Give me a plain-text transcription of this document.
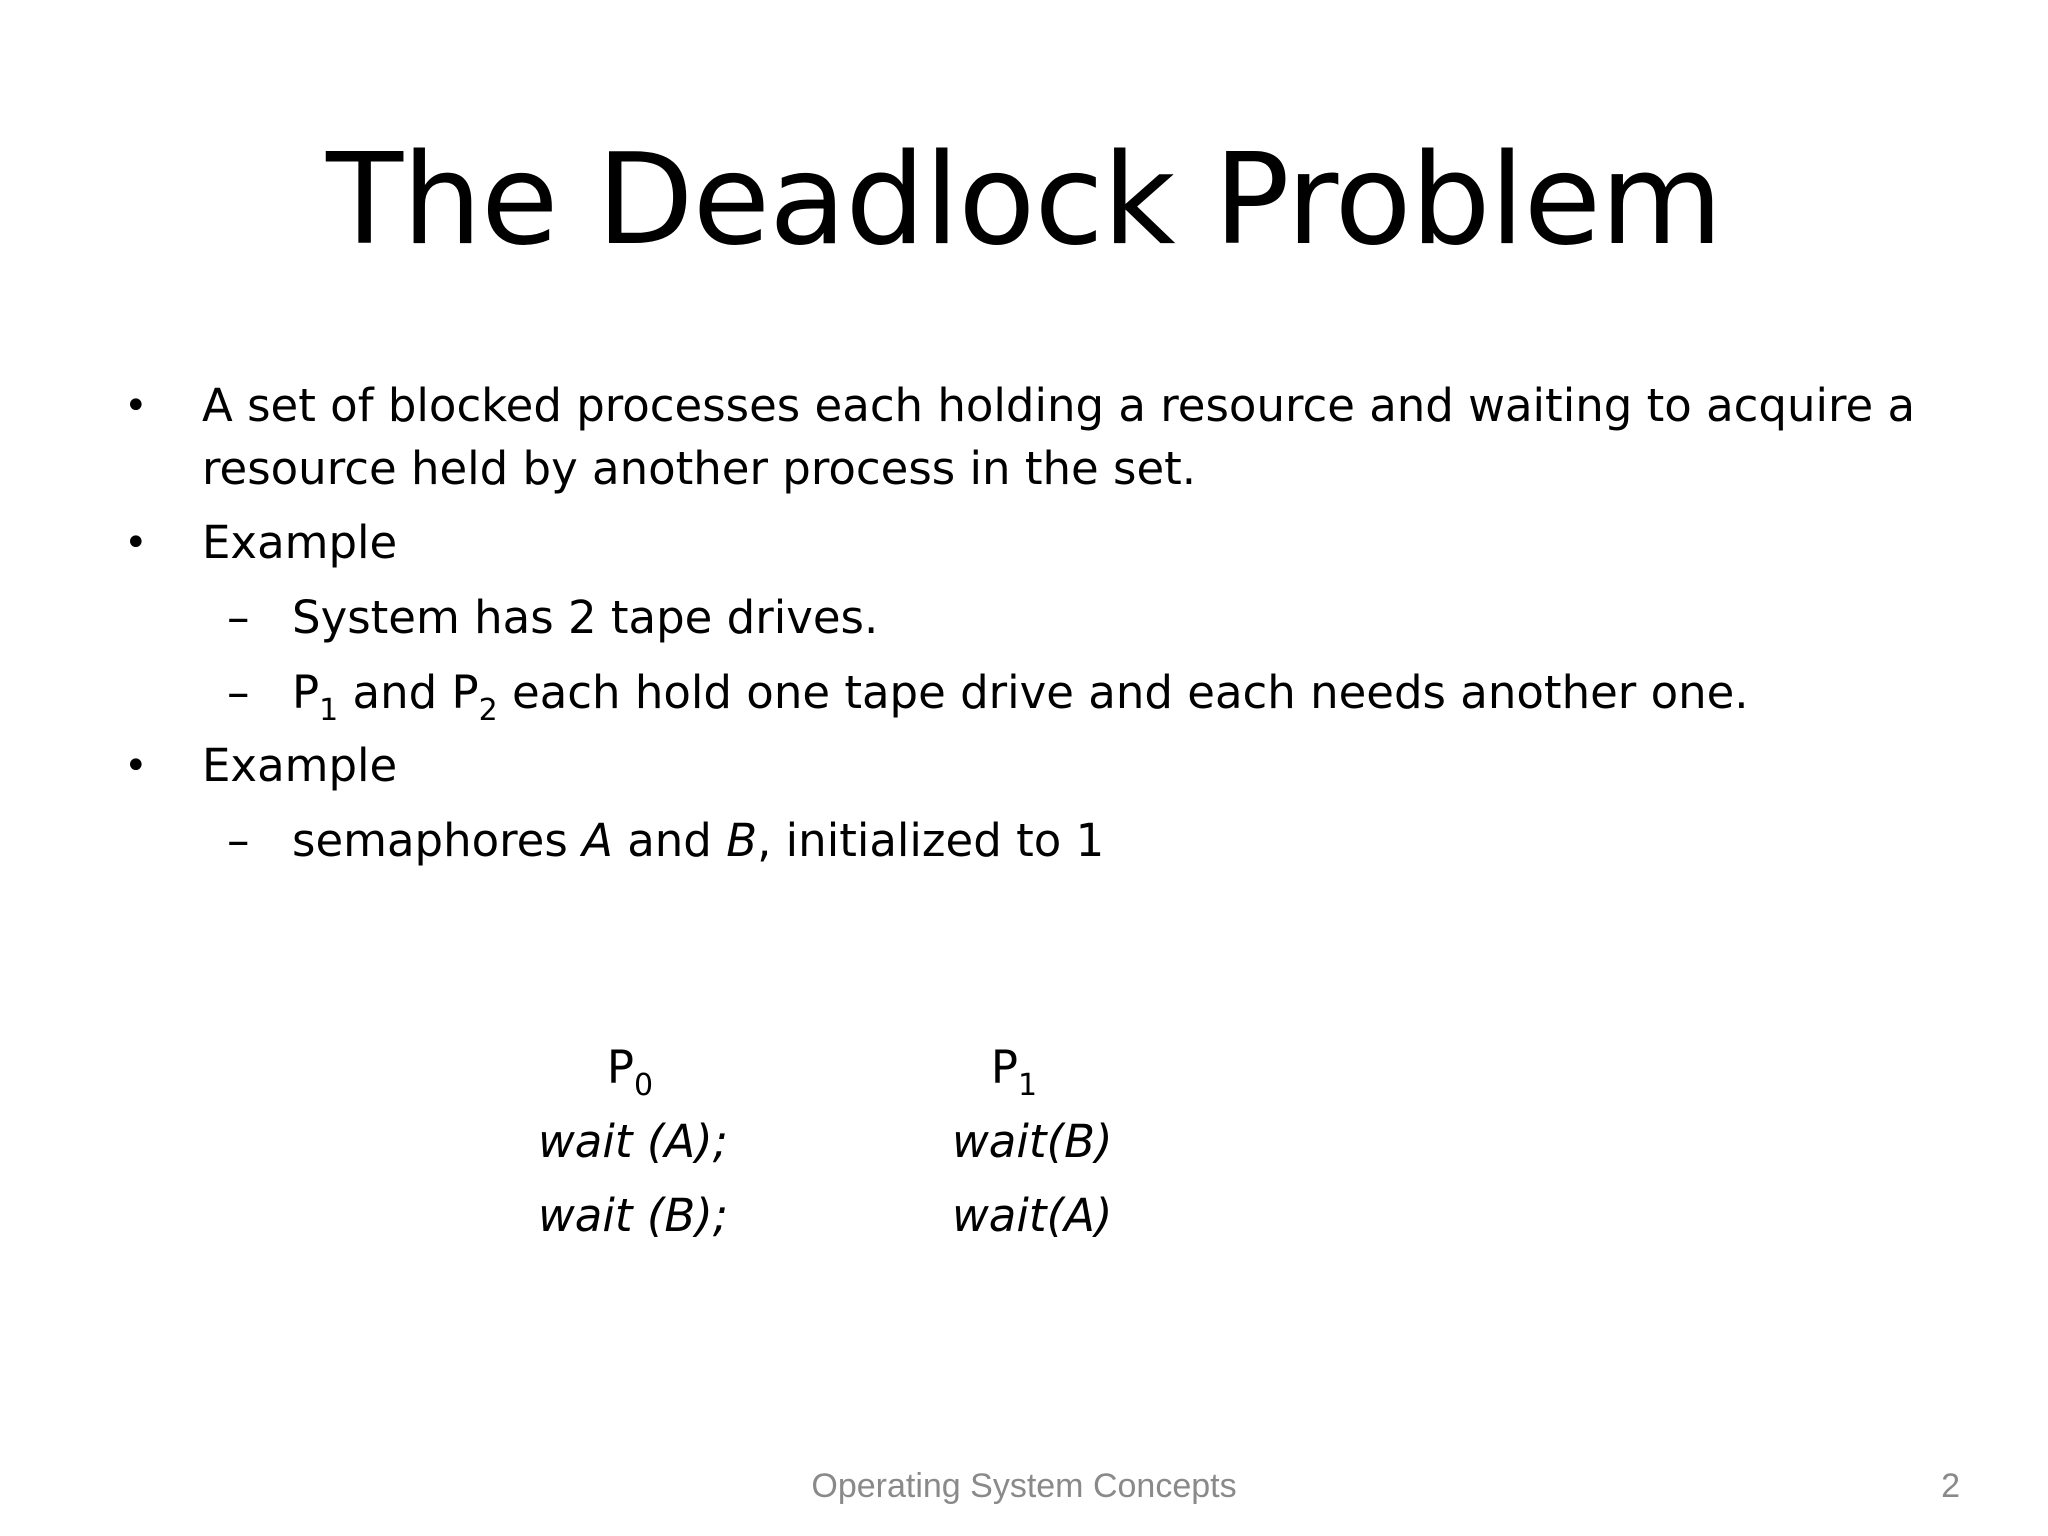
The Deadlock Problem
• A set of blocked processes each holding a resource and waiting to acquire a
resource held by another process in the set.
• Example
– System has 2 tape drives.
– $P_1$ and $P_2$ each hold one tape drive and each needs another one.
• Example
– semaphores A and B, initialized to 1
$P_0$
wait (A);
wait (B);
$P_1$
wait(B)
wait(A)
Operating System Concepts	2
